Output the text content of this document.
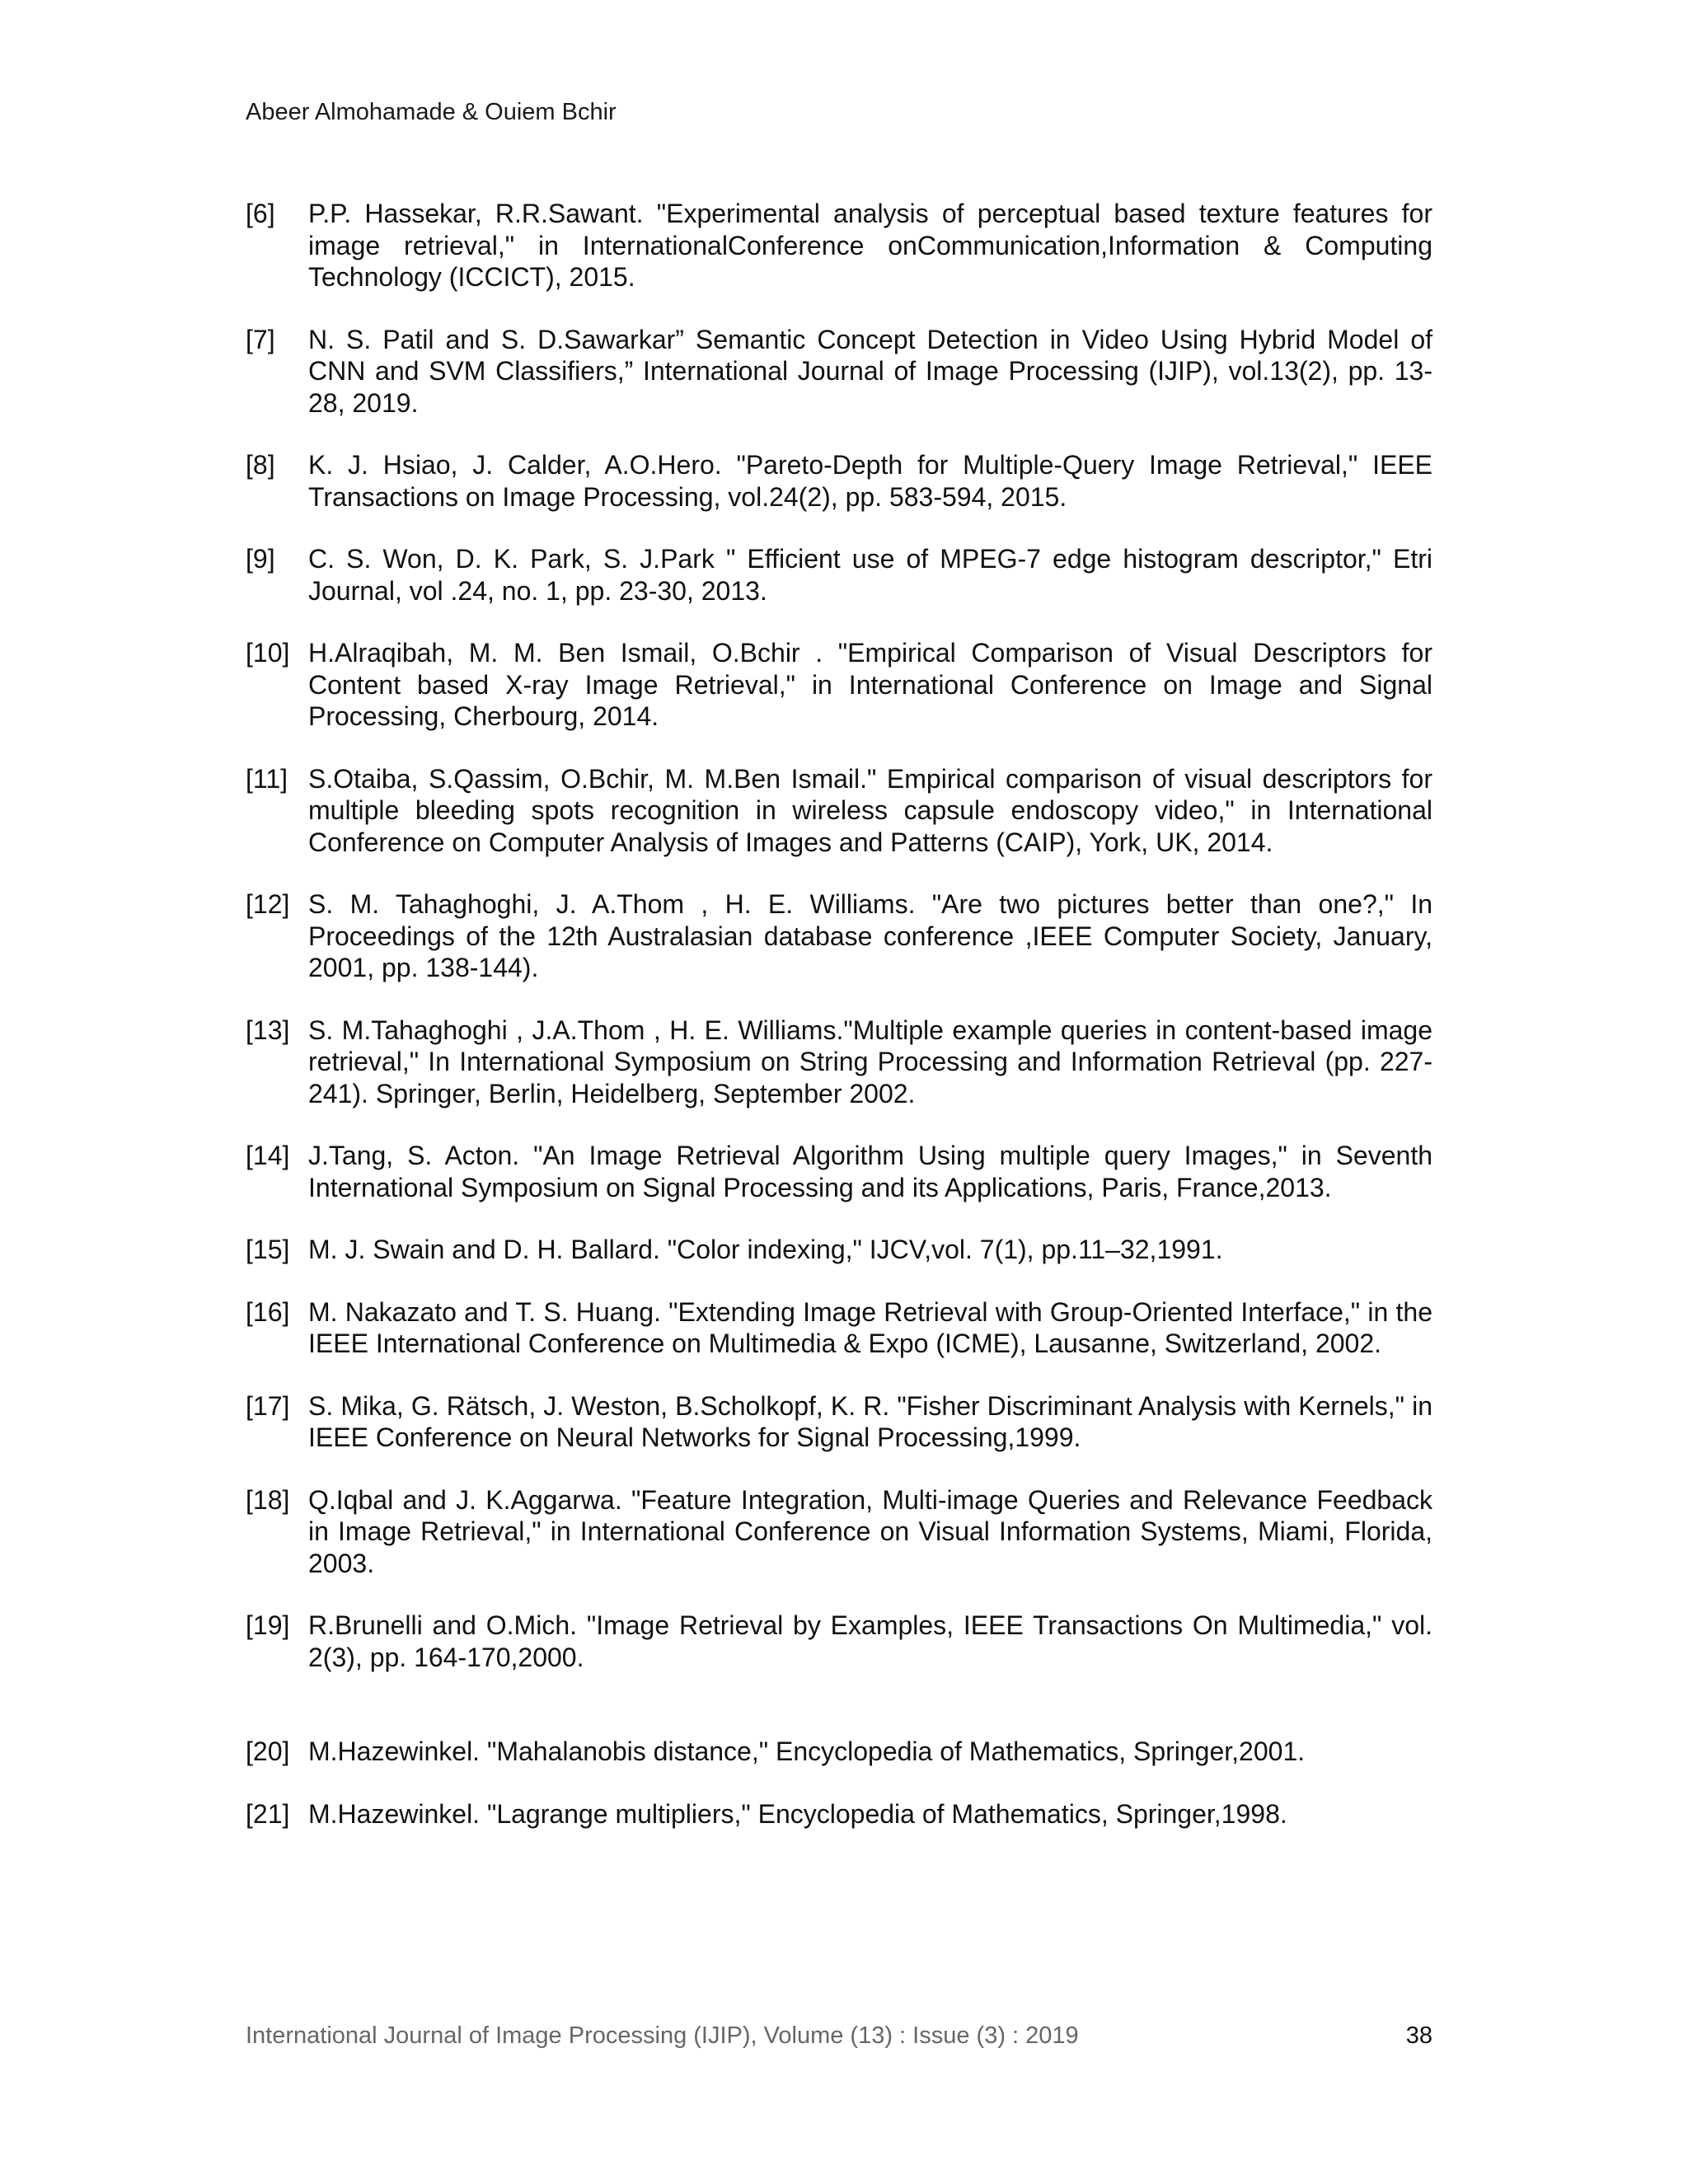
Abeer Almohamade & Ouiem Bchir
[6]	P.P. Hassekar, R.R.Sawant. "Experimental analysis of perceptual based texture features for image retrieval," in InternationalConference onCommunication,Information & Computing Technology (ICCICT), 2015.
[7]	N. S. Patil and S. D.Sawarkar” Semantic Concept Detection in Video Using Hybrid Model of CNN and SVM Classifiers,” International Journal of Image Processing (IJIP), vol.13(2), pp. 13-28, 2019.
[8]	K. J. Hsiao, J. Calder, A.O.Hero. "Pareto-Depth for Multiple-Query Image Retrieval," IEEE Transactions on Image Processing, vol.24(2), pp. 583-594, 2015.
[9]	C. S. Won, D. K. Park, S. J.Park " Efficient use of MPEG-7 edge histogram descriptor," Etri Journal, vol .24, no. 1, pp. 23-30, 2013.
[10] H.Alraqibah, M. M. Ben Ismail, O.Bchir . "Empirical Comparison of Visual Descriptors for Content based X-ray Image Retrieval," in International Conference on Image and Signal Processing, Cherbourg, 2014.
[11] S.Otaiba, S.Qassim, O.Bchir, M. M.Ben Ismail." Empirical comparison of visual descriptors for multiple bleeding spots recognition in wireless capsule endoscopy video," in International Conference on Computer Analysis of Images and Patterns (CAIP), York, UK, 2014.
[12] S. M. Tahaghoghi, J. A.Thom , H. E. Williams. "Are two pictures better than one?," In Proceedings of the 12th Australasian database conference ,IEEE Computer Society, January, 2001, pp. 138-144).
[13] S. M.Tahaghoghi , J.A.Thom , H. E. Williams."Multiple example queries in content-based image retrieval," In International Symposium on String Processing and Information Retrieval (pp. 227-241). Springer, Berlin, Heidelberg, September 2002.
[14] J.Tang, S. Acton. "An Image Retrieval Algorithm Using multiple query Images," in Seventh International Symposium on Signal Processing and its Applications, Paris, France,2013.
[15] M. J. Swain and D. H. Ballard. "Color indexing," IJCV,vol. 7(1), pp.11–32,1991.
[16] M. Nakazato and T. S. Huang. "Extending Image Retrieval with Group-Oriented Interface," in the IEEE International Conference on Multimedia & Expo (ICME), Lausanne, Switzerland, 2002.
[17] S. Mika, G. Rätsch, J. Weston, B.Scholkopf, K. R. "Fisher Discriminant Analysis with Kernels," in IEEE Conference on Neural Networks for Signal Processing,1999.
[18] Q.Iqbal and J. K.Aggarwa. "Feature Integration, Multi-image Queries and Relevance Feedback in Image Retrieval," in International Conference on Visual Information Systems, Miami, Florida, 2003.
[19] R.Brunelli and O.Mich. "Image Retrieval by Examples, IEEE Transactions On Multimedia," vol. 2(3), pp. 164-170,2000.
[20] M.Hazewinkel. "Mahalanobis distance," Encyclopedia of Mathematics, Springer,2001.
[21] M.Hazewinkel. "Lagrange multipliers," Encyclopedia of Mathematics, Springer,1998.
International Journal of Image Processing (IJIP), Volume (13) : Issue (3) : 2019	38
